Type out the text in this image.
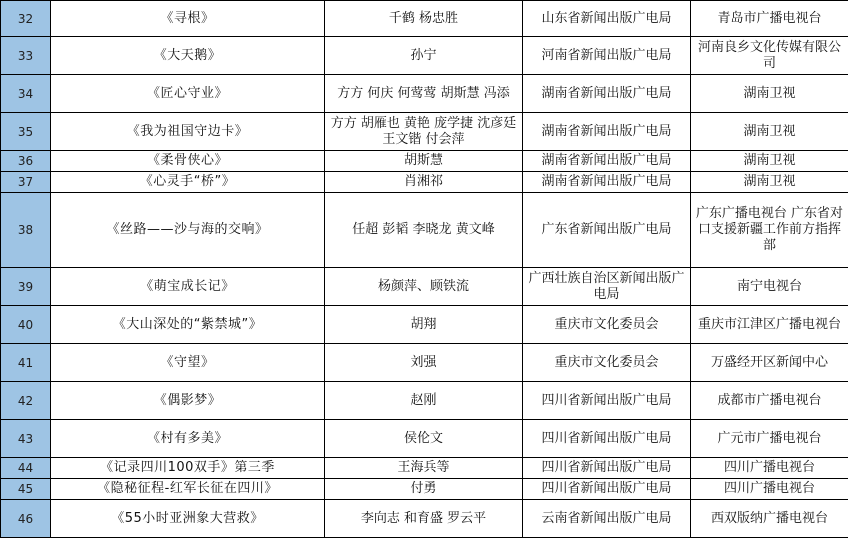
32	《寻根》	千鹤 杨忠胜	山东省新闻出版广电局	青岛市广播电视台
33	《大天鹅》	孙宁	河南省新闻出版广电局	河南良乡文化传媒有限公司
34	《匠心守业》	方方 何庆 何莺莺 胡斯慧 冯添	湖南省新闻出版广电局	湖南卫视
35	《我为祖国守边卡》	方方 胡雁也 黄艳 庞学捷 沈彦廷 王文锴 付会萍	湖南省新闻出版广电局	湖南卫视
36	《柔骨侠心》	胡斯慧	湖南省新闻出版广电局	湖南卫视
37	《心灵手“桥”》	肖湘祁	湖南省新闻出版广电局	湖南卫视
38	《丝路——沙与海的交响》	任超 彭韬 李晓龙 黄文峰	广东省新闻出版广电局	广东广播电视台 广东省对口支援新疆工作前方指挥部
39	《萌宝成长记》	杨颜萍、顾铁流	广西壮族自治区新闻出版广电局	南宁电视台
40	《大山深处的“紫禁城”》	胡翔	重庆市文化委员会	重庆市江津区广播电视台
41	《守望》	刘强	重庆市文化委员会	万盛经开区新闻中心
42	《偶影梦》	赵刚	四川省新闻出版广电局	成都市广播电视台
43	《村有多美》	侯伦文	四川省新闻出版广电局	广元市广播电视台
44	《记录四川100双手》第三季	王海兵等	四川省新闻出版广电局	四川广播电视台
45	《隐秘征程-红军长征在四川》	付勇	四川省新闻出版广电局	四川广播电视台
46	《55小时亚洲象大营救》	李向志 和育盛 罗云平	云南省新闻出版广电局	西双版纳广播电视台
